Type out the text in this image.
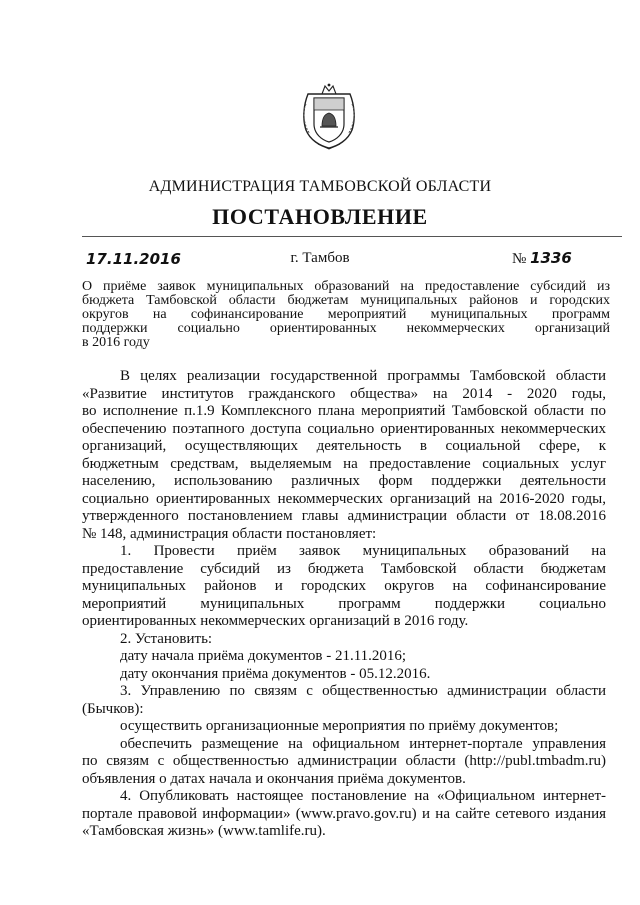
АДМИНИСТРАЦИЯ ТАМБОВСКОЙ ОБЛАСТИ
ПОСТАНОВЛЕНИЕ
17.11.2016	г. Тамбов	№ 1336
О приёме заявок муниципальных образований на предоставление субсидий из
бюджета Тамбовской области бюджетам муниципальных районов и городских
округов на софинансирование мероприятий муниципальных программ
поддержки социально ориентированных некоммерческих организаций
в 2016 году
В целях реализации государственной программы Тамбовской области
«Развитие институтов гражданского общества» на 2014 - 2020 годы,
во исполнение п.1.9 Комплексного плана мероприятий Тамбовской области по
обеспечению поэтапного доступа социально ориентированных некоммерческих
организаций, осуществляющих деятельность в социальной сфере, к
бюджетным средствам, выделяемым на предоставление социальных услуг
населению, использованию различных форм поддержки деятельности
социально ориентированных некоммерческих организаций на 2016-2020 годы,
утвержденного постановлением главы администрации области от 18.08.2016
№ 148, администрация области постановляет:
1. Провести приём заявок муниципальных образований на
предоставление субсидий из бюджета Тамбовской области бюджетам
муниципальных районов и городских округов на софинансирование
мероприятий муниципальных программ поддержки социально
ориентированных некоммерческих организаций в 2016 году.
2. Установить:
дату начала приёма документов - 21.11.2016;
дату окончания приёма документов - 05.12.2016.
3. Управлению по связям с общественностью администрации области
(Бычков):
осуществить организационные мероприятия по приёму документов;
обеспечить размещение на официальном интернет-портале управления
по связям с общественностью администрации области (http://publ.tmbadm.ru)
объявления о датах начала и окончания приёма документов.
4. Опубликовать настоящее постановление на «Официальном интернет-
портале правовой информации» (www.pravo.gov.ru) и на сайте сетевого издания
«Тамбовская жизнь» (www.tamlife.ru).
